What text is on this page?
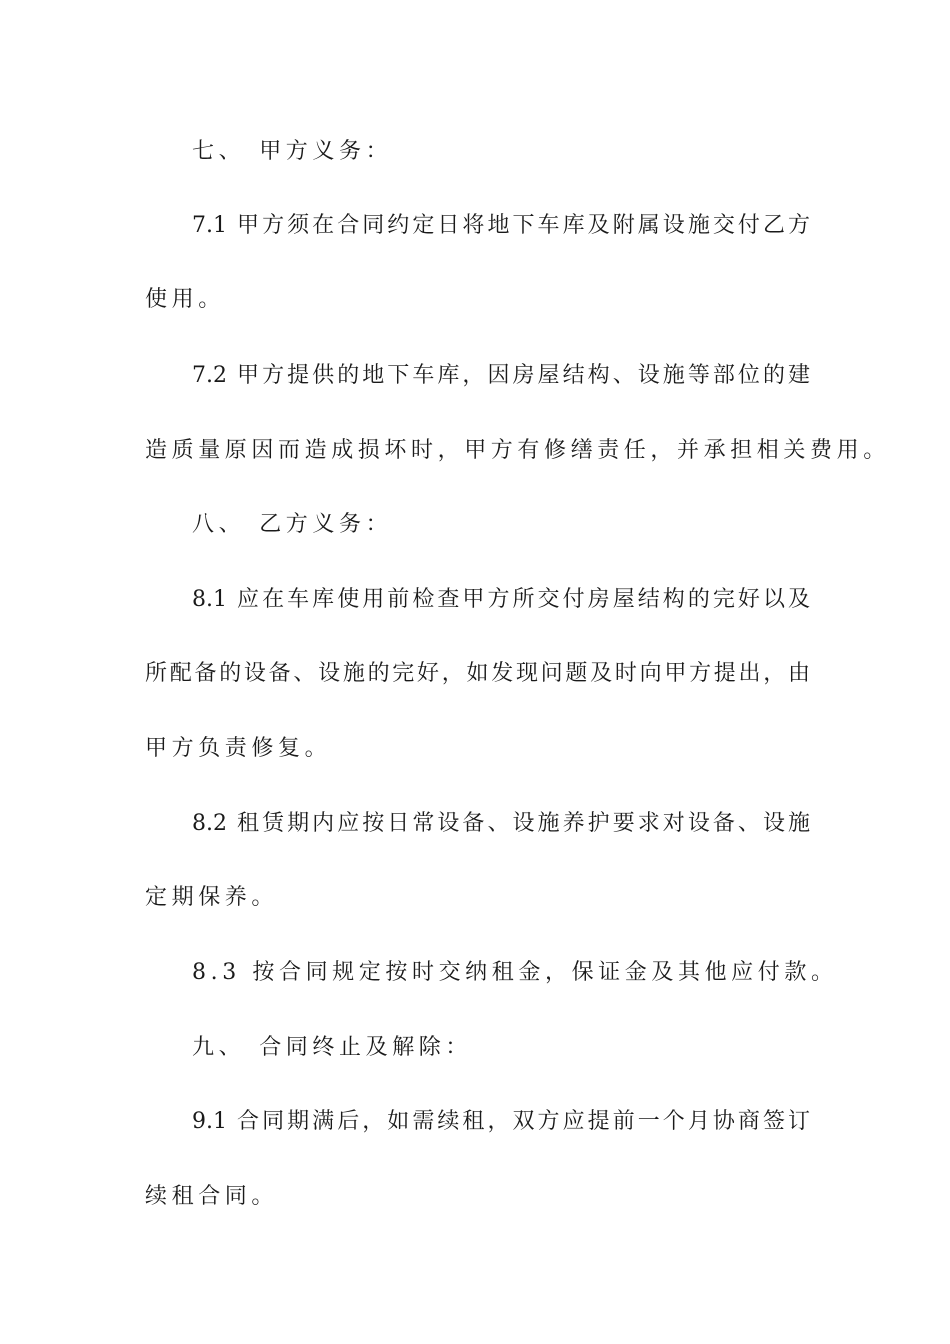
七、 甲方义务：
7.1 甲方须在合同约定日将地下车库及附属设施交付乙方
使用。
7.2 甲方提供的地下车库，因房屋结构、设施等部位的建
造质量原因而造成损坏时，甲方有修缮责任，并承担相关费用。
八、 乙方义务：
8.1 应在车库使用前检查甲方所交付房屋结构的完好以及
所配备的设备、设施的完好，如发现问题及时向甲方提出，由
甲方负责修复。
8.2 租赁期内应按日常设备、设施养护要求对设备、设施
定期保养。
8.3 按合同规定按时交纳租金，保证金及其他应付款。
九、 合同终止及解除：
9.1 合同期满后，如需续租，双方应提前一个月协商签订
续租合同。
